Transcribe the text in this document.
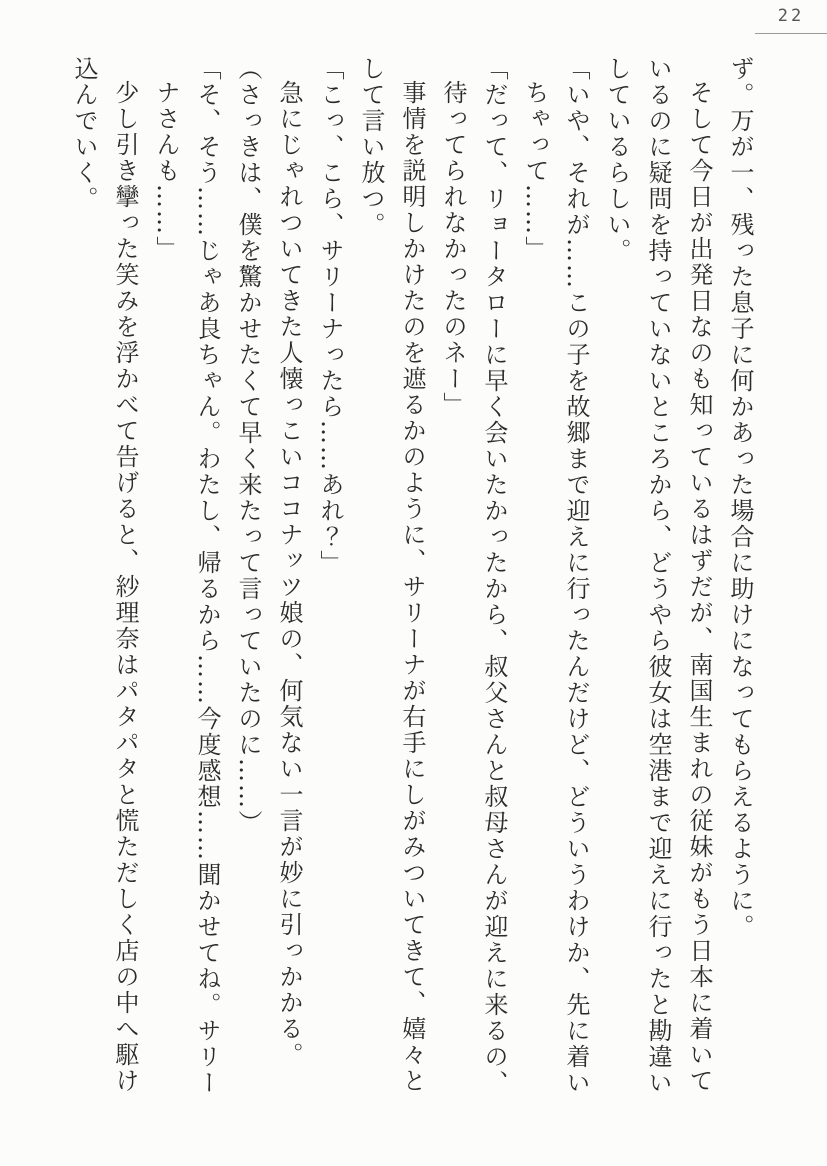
22

ず。万が一、残った息子に何かあった場合に助けになってもらえるように。

そして今日が出発日なのも知っているはずだが、南国生まれの従妹がもう日本に着いて

いるのに疑問を持っていないところから、どうやら彼女は空港まで迎えに行ったと勘違い

しているらしい。

「いや、それが……この子を故郷まで迎えに行ったんだけど、どういうわけか、先に着い

ちゃって……」

「だって、リョータローに早く会いたかったから、叔父さんと叔母さんが迎えに来るの、

待ってられなかったのネー」

事情を説明しかけたのを遮るかのように、サリーナが右手にしがみついてきて、嬉々と

して言い放つ。

「こっ、こら、サリーナったら……あれ？」

急にじゃれついてきた人懐っこいココナッツ娘の、何気ない一言が妙に引っかかる。

（さっきは、僕を驚かせたくて早く来たって言っていたのに……）

「そ、そう……じゃあ良ちゃん。わたし、帰るから……今度感想……聞かせてね。サリー

ナさんも……」

少し引き攣った笑みを浮かべて告げると、紗理奈はパタパタと慌ただしく店の中へ駆け

込んでいく。
